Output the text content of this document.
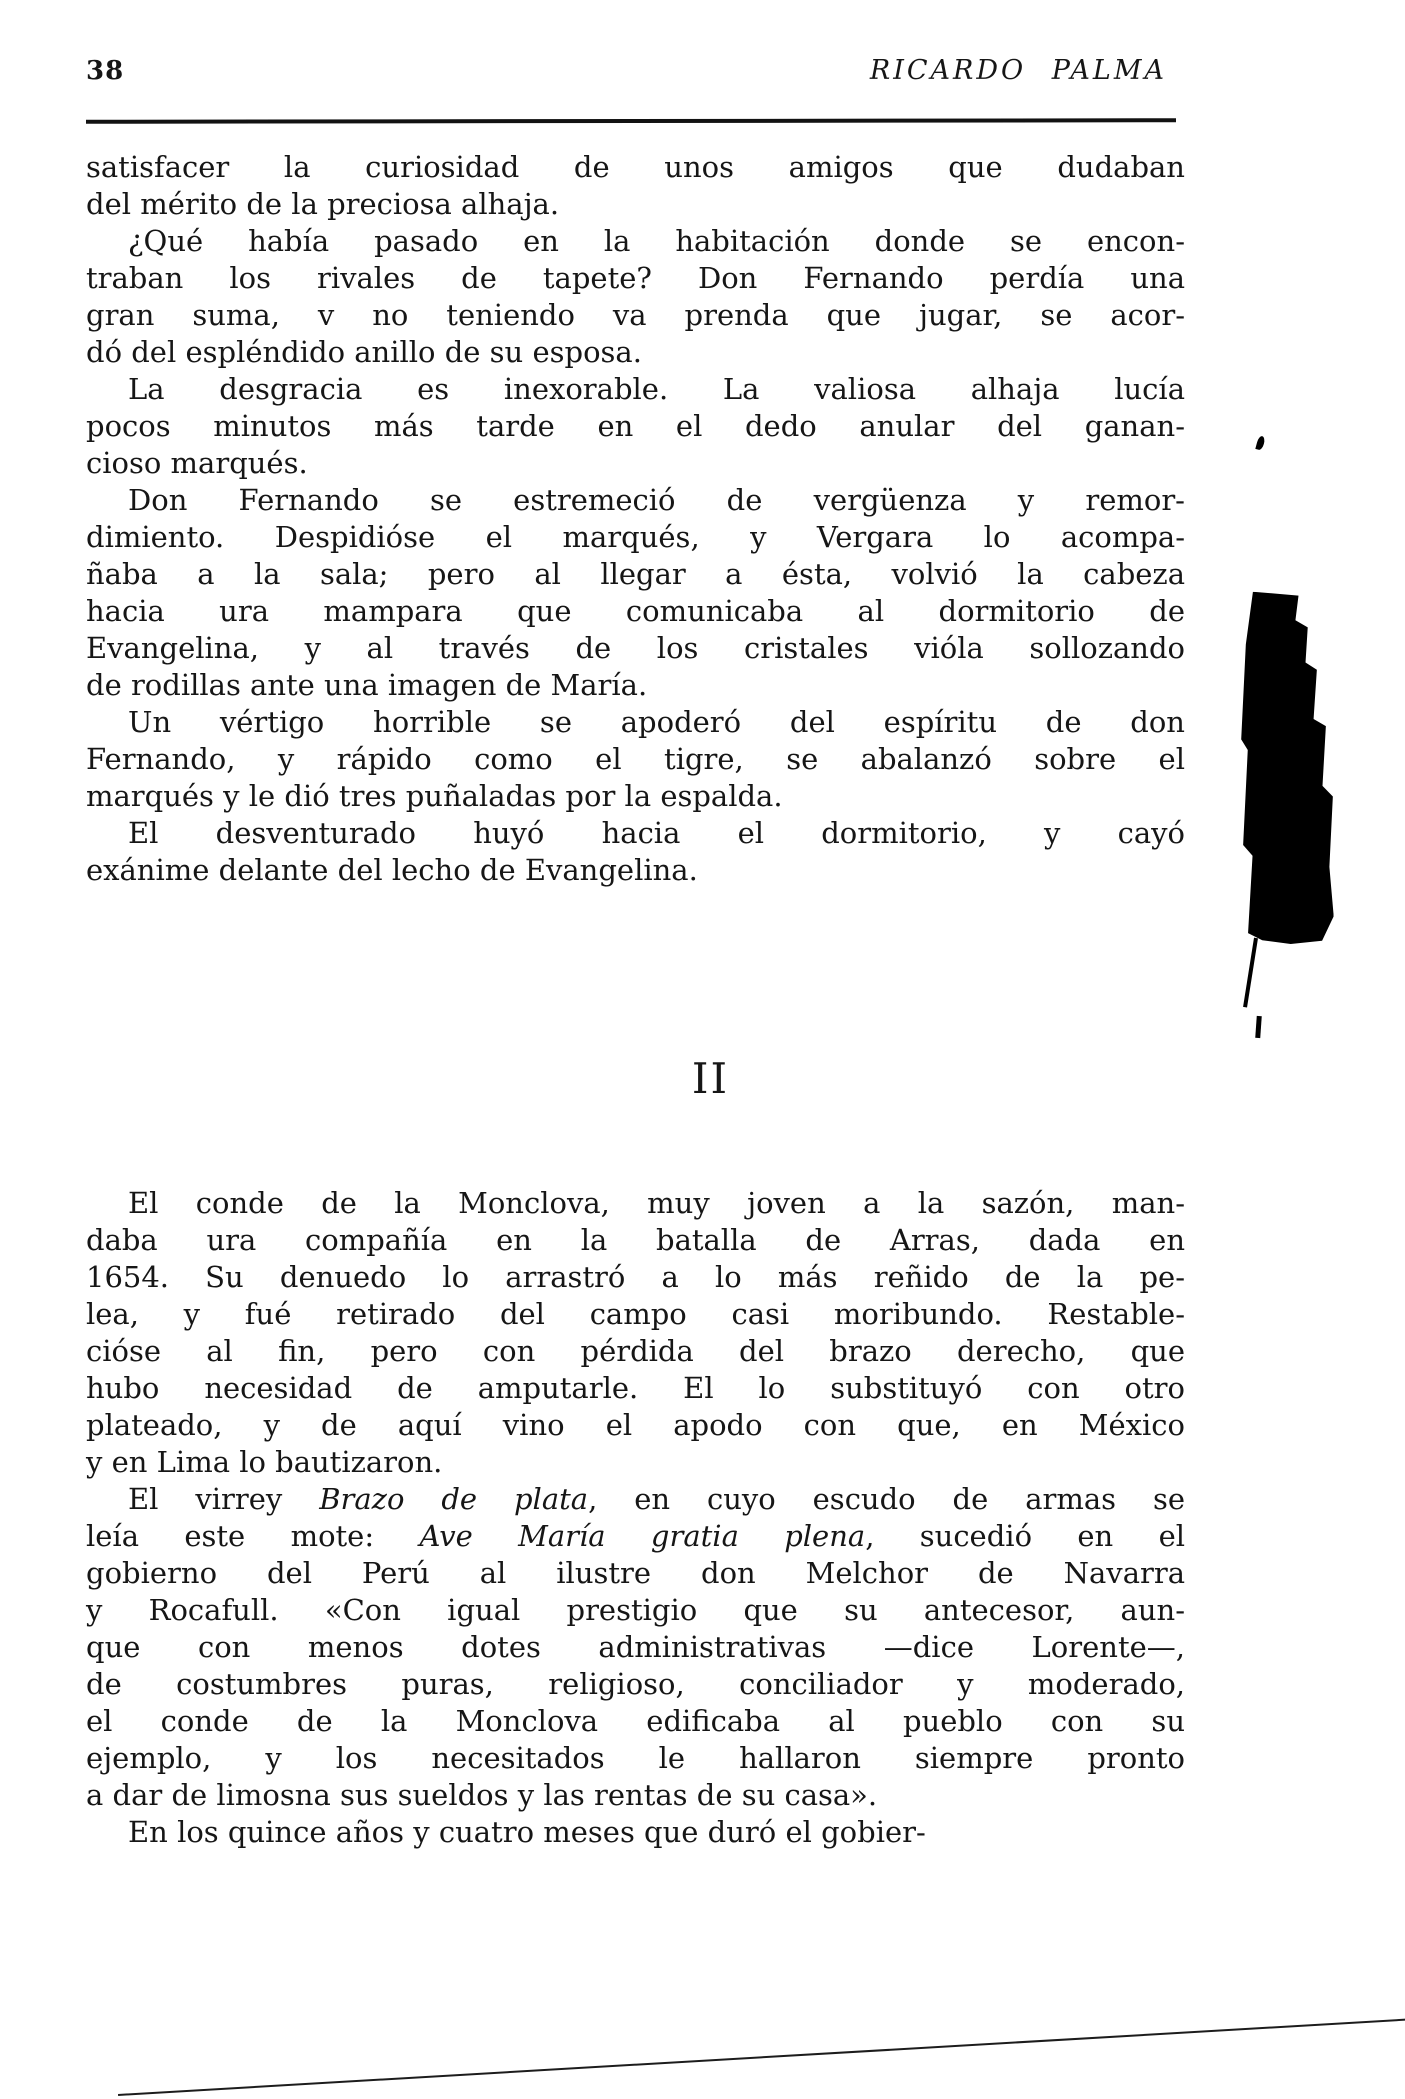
38	RICARDO PALMA
satisfacer la curiosidad de unos amigos que dudaban
del mérito de la preciosa alhaja.
¿Qué había pasado en la habitación donde se encon-
traban los rivales de tapete? Don Fernando perdía una
gran suma, v no teniendo va prenda que jugar, se acor-
dó del espléndido anillo de su esposa.
La desgracia es inexorable. La valiosa alhaja lucía
pocos minutos más tarde en el dedo anular del ganan-
cioso marqués.
Don Fernando se estremeció de vergüenza y remor-
dimiento. Despidióse el marqués, y Vergara lo acompa-
ñaba a la sala; pero al llegar a ésta, volvió la cabeza
hacia ura mampara que comunicaba al dormitorio de
Evangelina, y al través de los cristales vióla sollozando
de rodillas ante una imagen de María.
Un vértigo horrible se apoderó del espíritu de don
Fernando, y rápido como el tigre, se abalanzó sobre el
marqués y le dió tres puñaladas por la espalda.
El desventurado huyó hacia el dormitorio, y cayó
exánime delante del lecho de Evangelina.
II
El conde de la Monclova, muy joven a la sazón, man-
daba ura compañía en la batalla de Arras, dada en
1654. Su denuedo lo arrastró a lo más reñido de la pe-
lea, y fué retirado del campo casi moribundo. Restable-
cióse al fin, pero con pérdida del brazo derecho, que
hubo necesidad de amputarle. El lo substituyó con otro
plateado, y de aquí vino el apodo con que, en México
y en Lima lo bautizaron.
El virrey Brazo de plata, en cuyo escudo de armas se
leía este mote: Ave María gratia plena, sucedió en el
gobierno del Perú al ilustre don Melchor de Navarra
y Rocafull. «Con igual prestigio que su antecesor, aun-
que con menos dotes administrativas —dice Lorente—,
de costumbres puras, religioso, conciliador y moderado,
el conde de la Monclova edificaba al pueblo con su
ejemplo, y los necesitados le hallaron siempre pronto
a dar de limosna sus sueldos y las rentas de su casa».
En los quince años y cuatro meses que duró el gobier-
